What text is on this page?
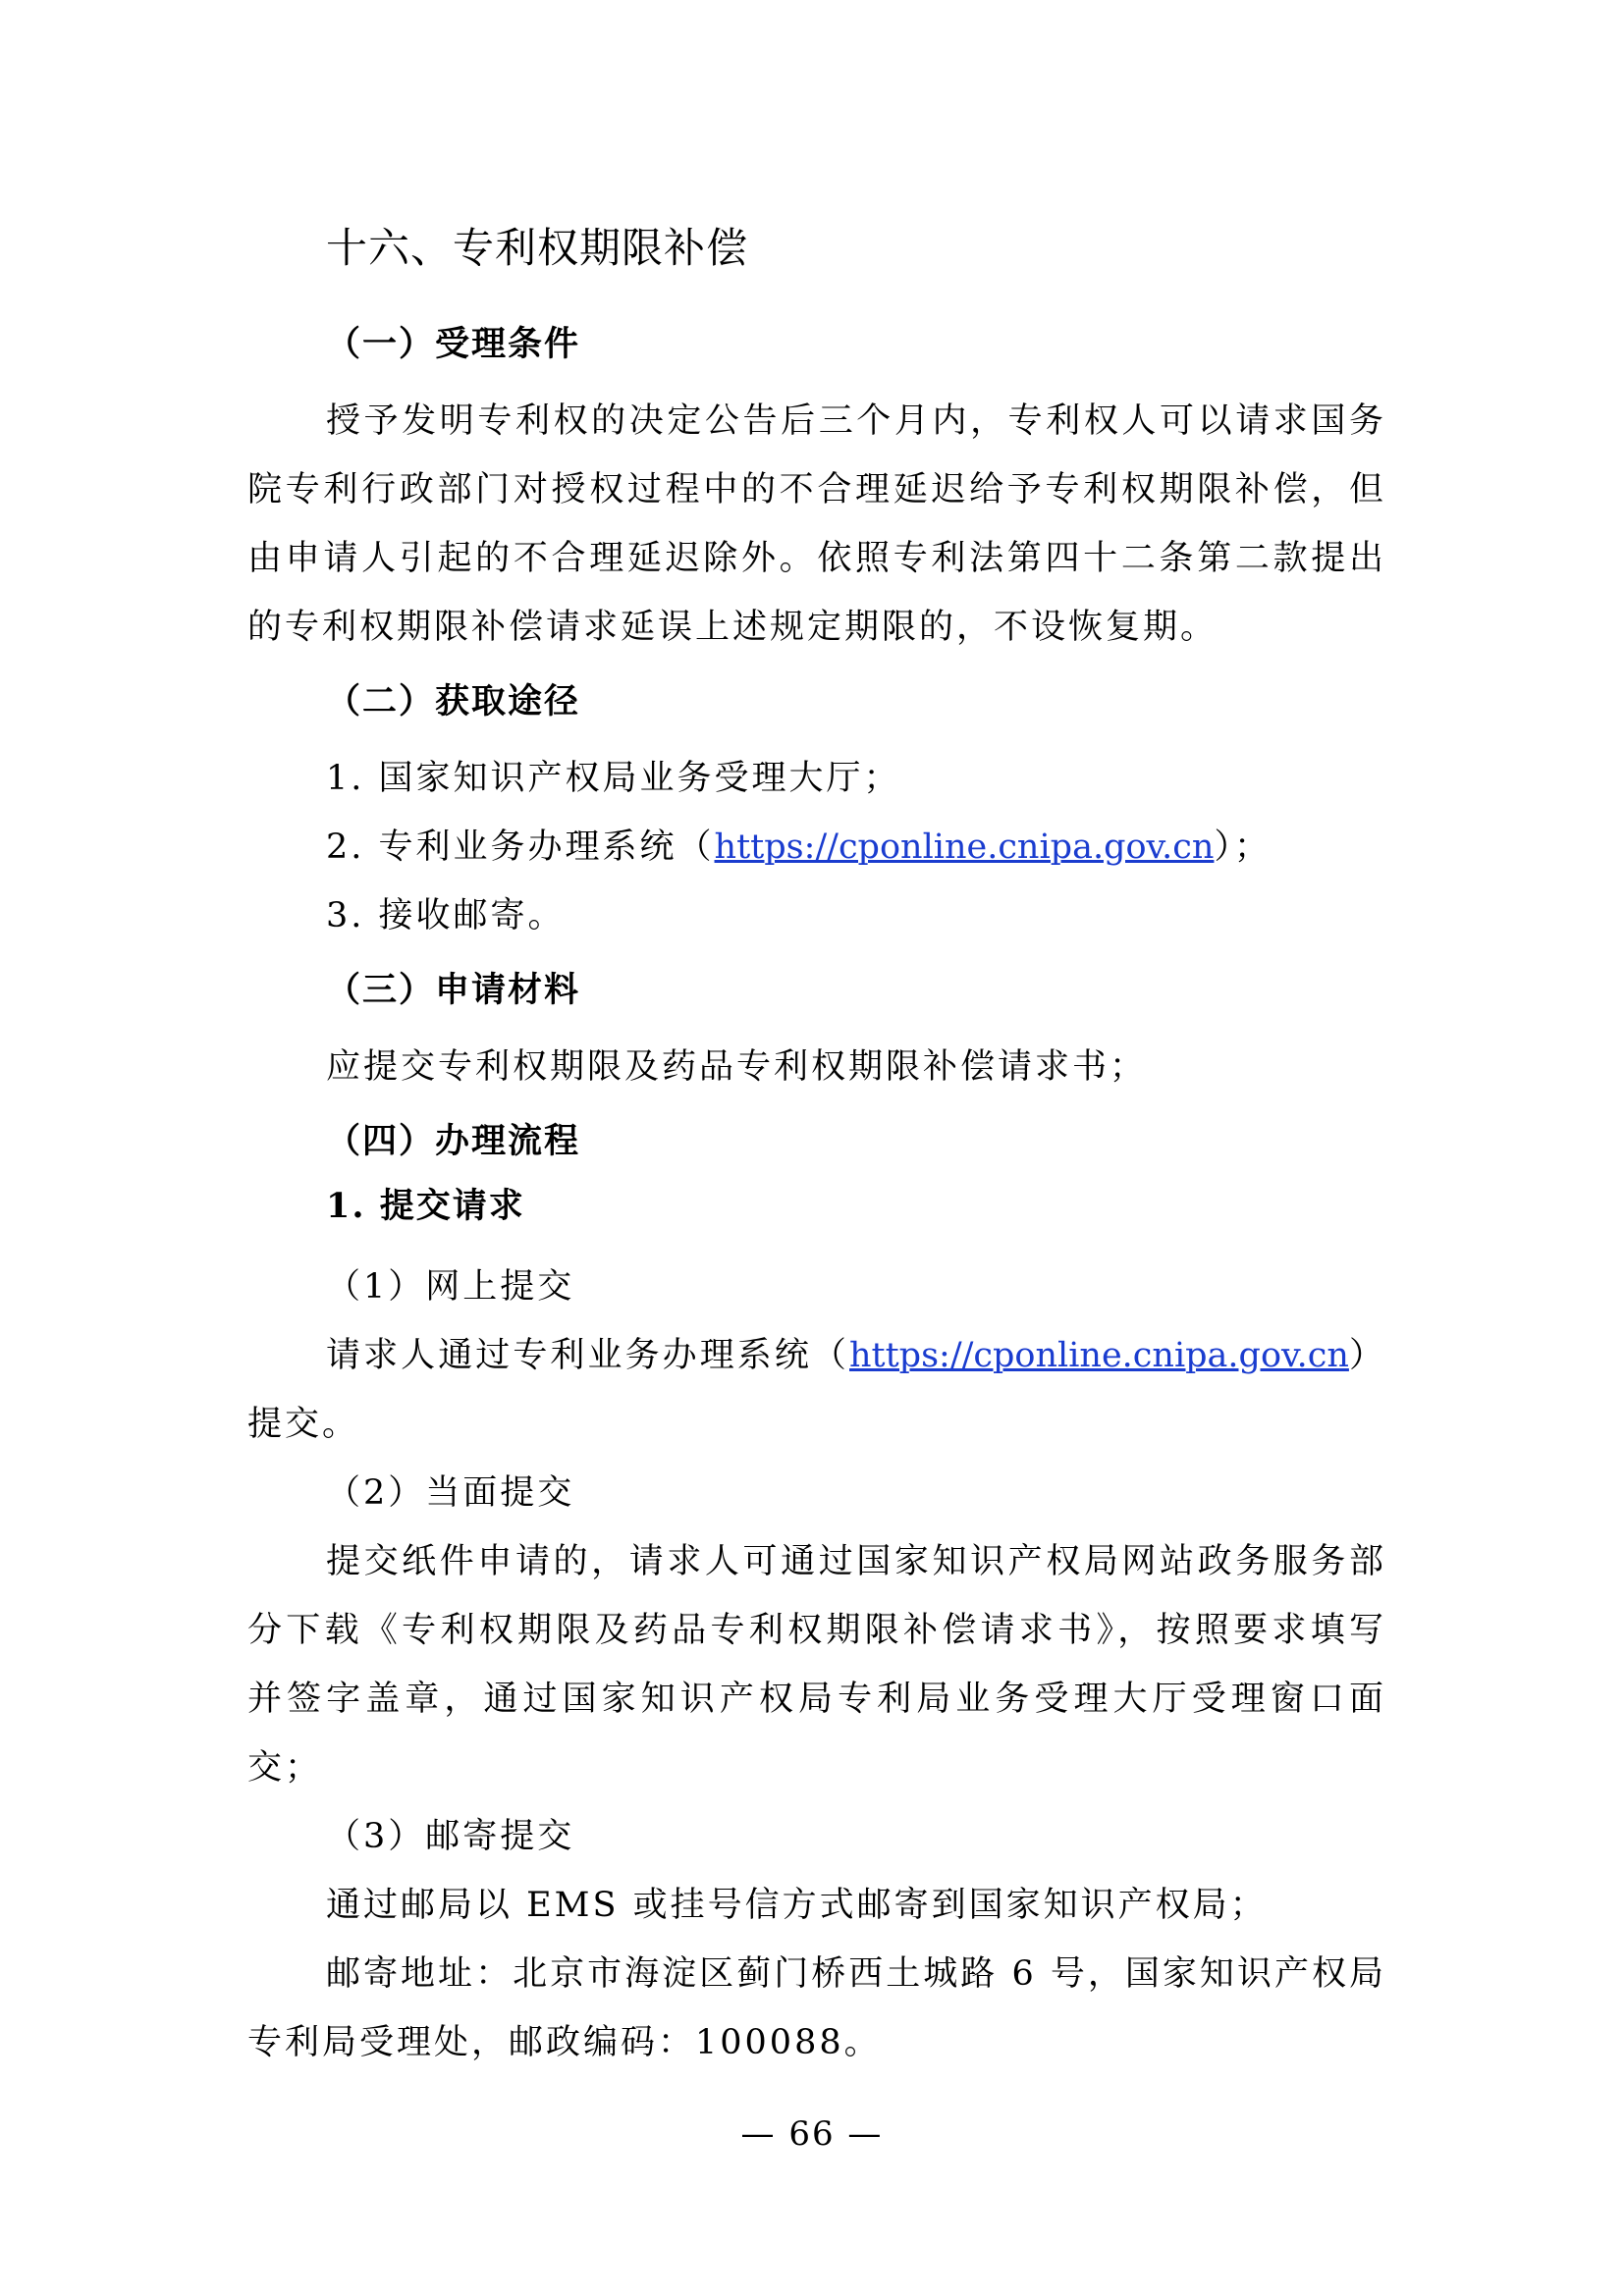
十六、专利权期限补偿
（一）受理条件

授予发明专利权的决定公告后三个月内，专利权人可以请求国务院专利行政部门对授权过程中的不合理延迟给予专利权期限补偿，但由申请人引起的不合理延迟除外。依照专利法第四十二条第二款提出的专利权期限补偿请求延误上述规定期限的，不设恢复期。

（二）获取途径
1. 国家知识产权局业务受理大厅；
2. 专利业务办理系统（https://cponline.cnipa.gov.cn）；
3. 接收邮寄。
（三）申请材料

应提交专利权期限及药品专利权期限补偿请求书；

（四）办理流程
1. 提交请求
（1）网上提交

请求人通过专利业务办理系统（https://cponline.cnipa.gov.cn）提交。

（2）当面提交

提交纸件申请的，请求人可通过国家知识产权局网站政务服务部分下载《专利权期限及药品专利权期限补偿请求书》，按照要求填写并签字盖章，通过国家知识产权局专利局业务受理大厅受理窗口面交；

（3）邮寄提交

通过邮局以 EMS 或挂号信方式邮寄到国家知识产权局；

邮寄地址：北京市海淀区蓟门桥西土城路 6 号，国家知识产权局专利局受理处，邮政编码：100088。

— 66 —
